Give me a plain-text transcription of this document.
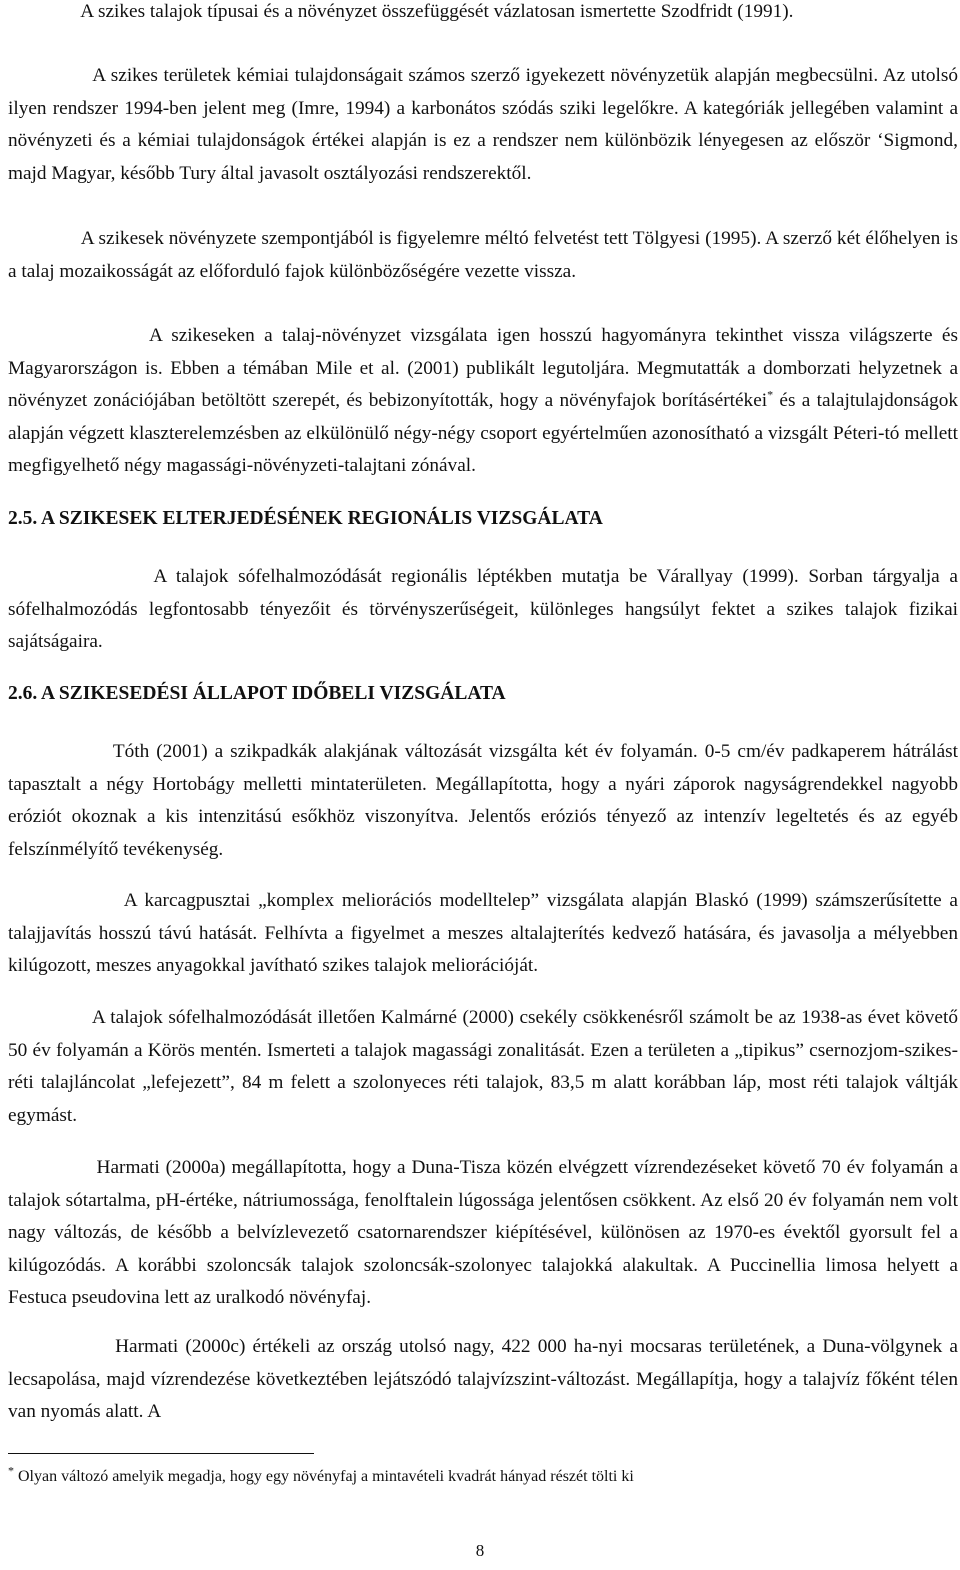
A szikes talajok típusai és a növényzet összefüggését vázlatosan ismertette Szodfridt (1991).

A szikes területek kémiai tulajdonságait számos szerző igyekezett növényzetük alapján megbecsülni. Az utolsó ilyen rendszer 1994-ben jelent meg (Imre, 1994) a karbonátos szódás sziki legelőkre. A kategóriák jellegében valamint a növényzeti és a kémiai tulajdonságok értékei alapján is ez a rendszer nem különbözik lényegesen az először ‘Sigmond, majd Magyar, később Tury által javasolt osztályozási rendszerektől.

A szikesek növényzete szempontjából is figyelemre méltó felvetést tett Tölgyesi (1995). A szerző két élőhelyen is a talaj mozaikosságát az előforduló fajok különbözőségére vezette vissza.

A szikeseken a talaj-növényzet vizsgálata igen hosszú hagyományra tekinthet vissza világszerte és Magyarországon is. Ebben a témában Mile et al. (2001) publikált legutoljára. Megmutatták a domborzati helyzetnek a növényzet zonációjában betöltött szerepét, és bebizonyították, hogy a növényfajok borításértékei* és a talajtulajdonságok alapján végzett klaszterelemzésben az elkülönülő négy-négy csoport egyértelműen azonosítható a vizsgált Péteri-tó mellett megfigyelhető négy magassági-növényzeti-talajtani zónával.

2.5. A SZIKESEK ELTERJEDÉSÉNEK REGIONÁLIS VIZSGÁLATA

A talajok sófelhalmozódását regionális léptékben mutatja be Várallyay (1999). Sorban tárgyalja a sófelhalmozódás legfontosabb tényezőit és törvényszerűségeit, különleges hangsúlyt fektet a szikes talajok fizikai sajátságaira.

2.6. A SZIKESEDÉSI ÁLLAPOT IDŐBELI VIZSGÁLATA

Tóth (2001) a szikpadkák alakjának változását vizsgálta két év folyamán. 0-5 cm/év padkaperem hátrálást tapasztalt a négy Hortobágy melletti mintaterületen. Megállapította, hogy a nyári záporok nagyságrendekkel nagyobb eróziót okoznak a kis intenzitású esőkhöz viszonyítva. Jelentős eróziós tényező az intenzív legeltetés és az egyéb felszínmélyítő tevékenység.

A karcagpusztai „komplex meliorációs modelltelep” vizsgálata alapján Blaskó (1999) számszerűsítette a talajjavítás hosszú távú hatását. Felhívta a figyelmet a meszes altalajterítés kedvező hatására, és javasolja a mélyebben kilúgozott, meszes anyagokkal javítható szikes talajok meliorációját.

A talajok sófelhalmozódását illetően Kalmárné (2000) csekély csökkenésről számolt be az 1938-as évet követő 50 év folyamán a Körös mentén. Ismerteti a talajok magassági zonalitását. Ezen a területen a „tipikus” csernozjom-szikes-réti talajláncolat „lefejezett”, 84 m felett a szolonyeces réti talajok, 83,5 m alatt korábban láp, most réti talajok váltják egymást.

Harmati (2000a) megállapította, hogy a Duna-Tisza közén elvégzett vízrendezéseket követő 70 év folyamán a talajok sótartalma, pH-értéke, nátriumossága, fenolftalein lúgossága jelentősen csökkent. Az első 20 év folyamán nem volt nagy változás, de később a belvízlevezető csatornarendszer kiépítésével, különösen az 1970-es évektől gyorsult fel a kilúgozódás. A korábbi szoloncsák talajok szoloncsák-szolonyec talajokká alakultak. A Puccinellia limosa helyett a Festuca pseudovina lett az uralkodó növényfaj.

Harmati (2000c) értékeli az ország utolsó nagy, 422 000 ha-nyi mocsaras területének, a Duna-völgynek a lecsapolása, majd vízrendezése következtében lejátszódó talajvízszint-változást. Megállapítja, hogy a talajvíz főként télen van nyomás alatt. A

* Olyan változó amelyik megadja, hogy egy növényfaj a mintavételi kvadrát hányad részét tölti ki

8
